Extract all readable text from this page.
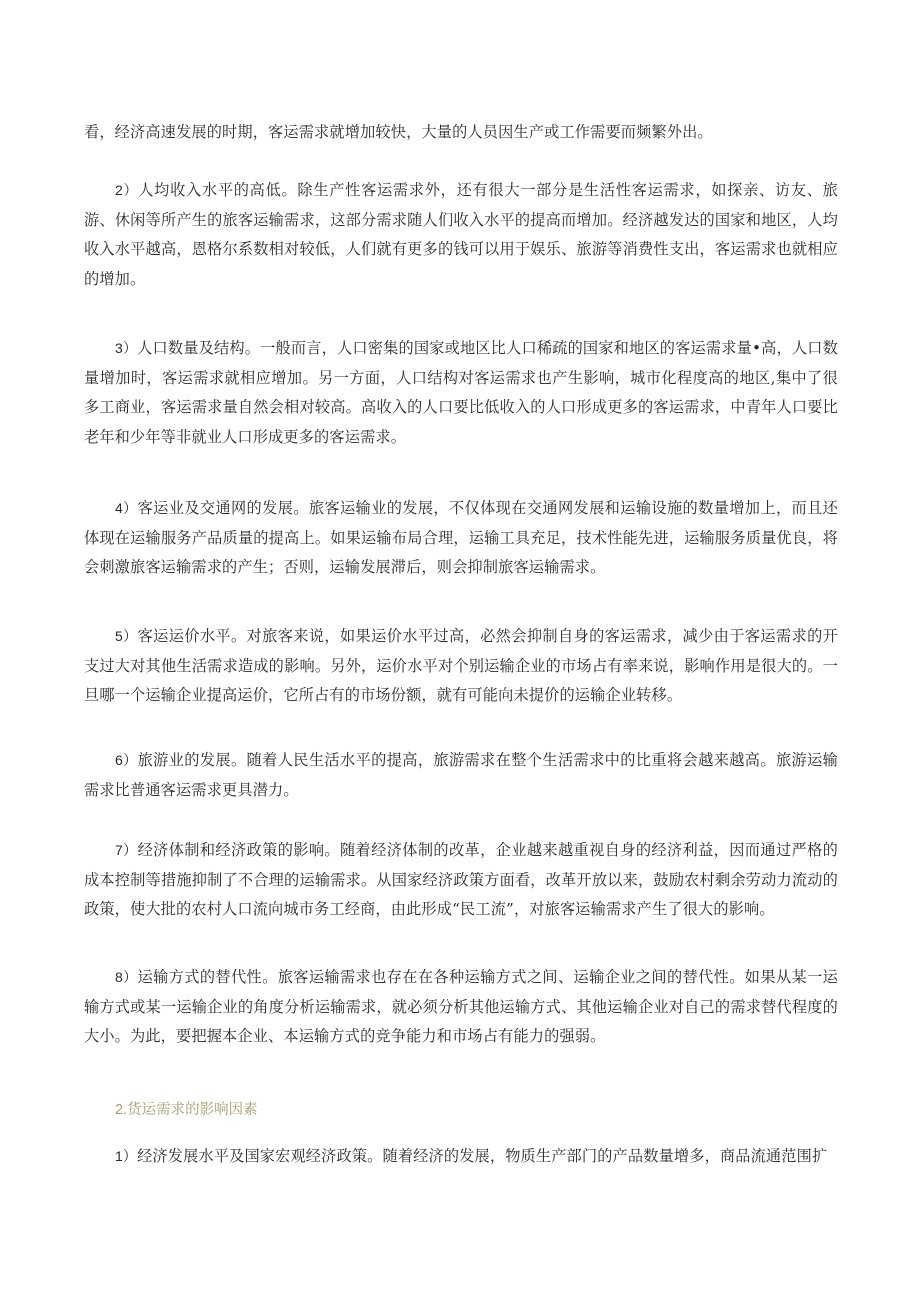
看，经济高速发展的时期，客运需求就增加较快，大量的人员因生产或工作需要而频繁外出。

2）人均收入水平的高低。除生产性客运需求外，还有很大一部分是生活性客运需求，如探亲、访友、旅游、休闲等所产生的旅客运输需求，这部分需求随人们收入水平的提高而增加。经济越发达的国家和地区，人均收入水平越高，恩格尔系数相对较低，人们就有更多的钱可以用于娱乐、旅游等消费性支出，客运需求也就相应的增加。

3）人口数量及结构。一般而言，人口密集的国家或地区比人口稀疏的国家和地区的客运需求量•高，人口数量增加时，客运需求就相应增加。另一方面，人口结构对客运需求也产生影响，城市化程度高的地区,集中了很多工商业，客运需求量自然会相对较高。高收入的人口要比低收入的人口形成更多的客运需求，中青年人口要比老年和少年等非就业人口形成更多的客运需求。

4）客运业及交通网的发展。旅客运输业的发展，不仅体现在交通网发展和运输设施的数量增加上，而且还体现在运输服务产品质量的提高上。如果运输布局合理，运输工具充足，技术性能先进，运输服务质量优良，将会刺激旅客运输需求的产生；否则，运输发展滞后，则会抑制旅客运输需求。

5）客运运价水平。对旅客来说，如果运价水平过高，必然会抑制自身的客运需求，减少由于客运需求的开支过大对其他生活需求造成的影响。另外，运价水平对个别运输企业的市场占有率来说，影响作用是很大的。一旦哪一个运输企业提高运价，它所占有的市场份额，就有可能向未提价的运输企业转移。

6）旅游业的发展。随着人民生活水平的提高，旅游需求在整个生活需求中的比重将会越来越高。旅游运输需求比普通客运需求更具潜力。

7）经济体制和经济政策的影响。随着经济体制的改革，企业越来越重视自身的经济利益，因而通过严格的成本控制等措施抑制了不合理的运输需求。从国家经济政策方面看，改革开放以来，鼓励农村剩余劳动力流动的政策，使大批的农村人口流向城市务工经商，由此形成“民工流”，对旅客运输需求产生了很大的影响。

8）运输方式的替代性。旅客运输需求也存在在各种运输方式之间、运输企业之间的替代性。如果从某一运输方式或某一运输企业的角度分析运输需求，就必须分析其他运输方式、其他运输企业对自己的需求替代程度的大小。为此，要把握本企业、本运输方式的竞争能力和市场占有能力的强弱。

2.货运需求的影响因素

1）经济发展水平及国家宏观经济政策。随着经济的发展，物质生产部门的产品数量增多，商品流通范围扩
